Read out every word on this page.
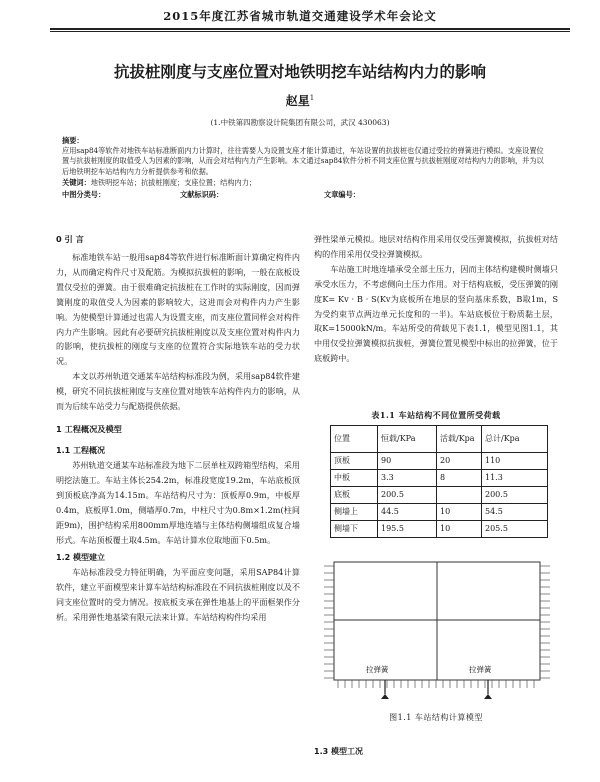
2015年度江苏省城市轨道交通建设学术年会论文
抗拔桩刚度与支座位置对地铁明挖车站结构内力的影响
赵星$^1$
(1.中铁第四勘察设计院集团有限公司，武汉 430063)
摘要：
应用sap84等软件对地铁车站标准断面内力计算时，往往需要人为设置支座才能计算通过，车站设置的抗拔桩也仅通过受拉的弹簧进行模拟。支座设置位置与抗拔桩刚度的取值受人为因素的影响，从而会对结构内力产生影响。本文通过sap84软件分析不同支座位置与抗拔桩刚度对结构内力的影响，并为以后地铁明挖车站结构内力分析提供参考和依据。
关键词：地铁明挖车站；抗拔桩刚度；支座位置；结构内力；
中图分类号：	文献标识码：	文章编号：
0 引 言

标准地铁车站一般用sap84等软件进行标准断面计算确定构件内力，从而确定构件尺寸及配筋。为模拟抗拔桩的影响，一般在底板设置仅受拉的弹簧。由于很难确定抗拔桩在工作时的实际刚度，因而弹簧刚度的取值受人为因素的影响较大，这进而会对构件内力产生影响。为使模型计算通过也需人为设置支座，而支座位置同样会对构件内力产生影响。因此有必要研究抗拔桩刚度以及支座位置对构件内力的影响，使抗拔桩的刚度与支座的位置符合实际地铁车站的受力状况。

本文以苏州轨道交通某车站结构标准段为例，采用sap84软件建模，研究不同抗拔桩刚度与支座位置对地铁车站构件内力的影响，从而为后续车站受力与配筋提供依据。

1 工程概况及模型
1.1 工程概况

苏州轨道交通某车站标准段为地下二层单柱双跨箱型结构，采用明挖法施工。车站主体长254.2m，标准段宽度19.2m，车站底板顶到顶板底净高为14.15m。车站结构尺寸为：顶板厚0.9m，中板厚0.4m，底板厚1.0m，侧墙厚0.7m，中柱尺寸为0.8m×1.2m(柱间距9m)，围护结构采用800mm厚地连墙与主体结构侧墙组成复合墙形式。车站顶板覆土取4.5m。车站计算水位取地面下0.5m。

1.2 模型建立

车站标准段受力特征明确，为平面应变问题，采用SAP84计算软件，建立平面模型来计算车站结构标准段在不同抗拔桩刚度以及不同支座位置时的受力情况。按底板支承在弹性地基上的平面框架作分析。采用弹性地基梁有限元法来计算。车站结构构件均采用

弹性梁单元模拟。地层对结构作用采用仅受压弹簧模拟，抗拔桩对结构的作用采用仅受拉弹簧模拟。

车站施工时地连墙承受全部土压力，因而主体结构建模时侧墙只承受水压力，不考虑侧向土压力作用。对于结构底板，受压弹簧的刚度K= Kv · B · S(Kv为底板所在地层的竖向基床系数，B取1m，S为受约束节点两边单元长度和的一半)。车站底板位于粉质黏土层，取K=15000kN/m。车站所受的荷载见下表1.1，模型见图1.1，其中用仅受拉弹簧模拟抗拔桩，弹簧位置见模型中标出的拉弹簧，位于底板跨中。

表1.1 车站结构不同位置所受荷载
位置	恒载/KPa	活载/Kpa	总计/Kpa
顶板	90	20	110
中板	3.3	8	11.3
底板	200.5		200.5
侧墙上	44.5	10	54.5
侧墙下	195.5	10	205.5
拉弹簧	拉弹簧
图1.1 车站结构计算模型
1.3 模型工况
